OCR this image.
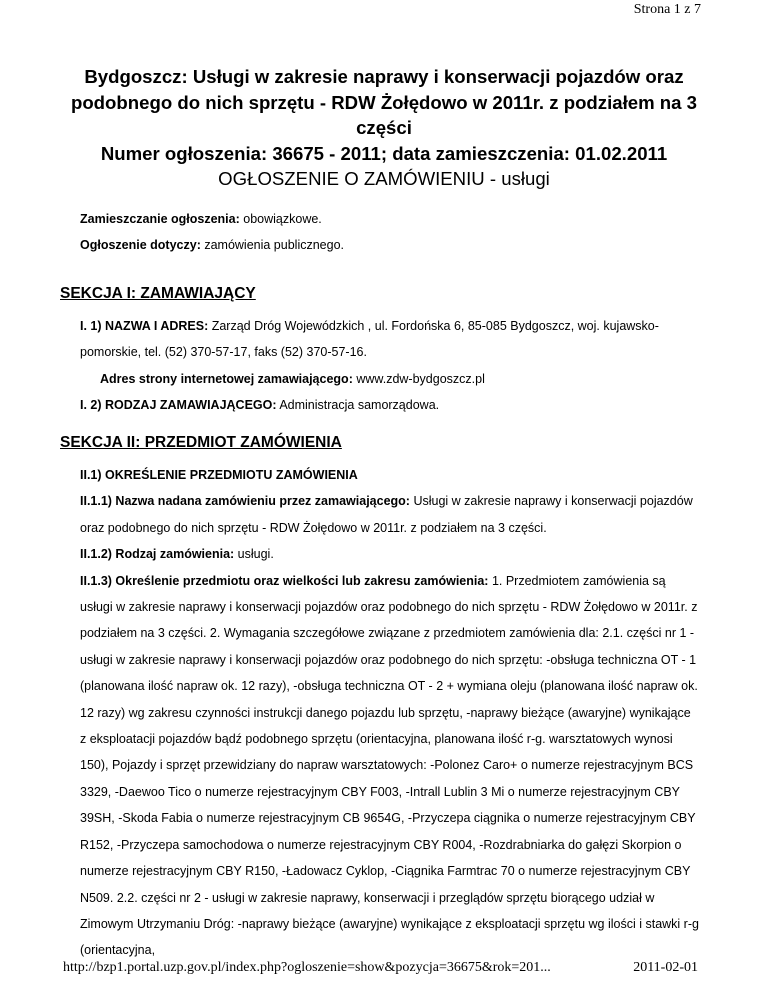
Strona 1 z 7
Bydgoszcz: Usługi w zakresie naprawy i konserwacji pojazdów oraz
podobnego do nich sprzętu - RDW Żołędowo w 2011r. z podziałem na 3
części
Numer ogłoszenia: 36675 - 2011; data zamieszczenia: 01.02.2011
OGŁOSZENIE O ZAMÓWIENIU - usługi
Zamieszczanie ogłoszenia: obowiązkowe.
Ogłoszenie dotyczy: zamówienia publicznego.
SEKCJA I: ZAMAWIAJĄCY
I. 1) NAZWA I ADRES: Zarząd Dróg Wojewódzkich , ul. Fordońska 6, 85-085 Bydgoszcz, woj. kujawsko-pomorskie, tel. (52) 370-57-17, faks (52) 370-57-16.
Adres strony internetowej zamawiającego: www.zdw-bydgoszcz.pl
I. 2) RODZAJ ZAMAWIAJĄCEGO: Administracja samorządowa.
SEKCJA II: PRZEDMIOT ZAMÓWIENIA
II.1) OKREŚLENIE PRZEDMIOTU ZAMÓWIENIA
II.1.1) Nazwa nadana zamówieniu przez zamawiającego: Usługi w zakresie naprawy i konserwacji pojazdów oraz podobnego do nich sprzętu - RDW Żołędowo w 2011r. z podziałem na 3 części.
II.1.2) Rodzaj zamówienia: usługi.
II.1.3) Określenie przedmiotu oraz wielkości lub zakresu zamówienia: 1. Przedmiotem zamówienia są usługi w zakresie naprawy i konserwacji pojazdów oraz podobnego do nich sprzętu - RDW Żołędowo w 2011r. z podziałem na 3 części. 2. Wymagania szczegółowe związane z przedmiotem zamówienia dla: 2.1. części nr 1 - usługi w zakresie naprawy i konserwacji pojazdów oraz podobnego do nich sprzętu: -obsługa techniczna OT - 1 (planowana ilość napraw ok. 12 razy), -obsługa techniczna OT - 2 + wymiana oleju (planowana ilość napraw ok. 12 razy) wg zakresu czynności instrukcji danego pojazdu lub sprzętu, -naprawy bieżące (awaryjne) wynikające z eksploatacji pojazdów bądź podobnego sprzętu (orientacyjna, planowana ilość r-g. warsztatowych wynosi 150), Pojazdy i sprzęt przewidziany do napraw warsztatowych: -Polonez Caro+ o numerze rejestracyjnym BCS 3329, -Daewoo Tico o numerze rejestracyjnym CBY F003, -Intrall Lublin 3 Mi o numerze rejestracyjnym CBY 39SH, -Skoda Fabia o numerze rejestracyjnym CB 9654G, -Przyczepa ciągnika o numerze rejestracyjnym CBY R152, -Przyczepa samochodowa o numerze rejestracyjnym CBY R004, -Rozdrabniarka do gałęzi Skorpion o numerze rejestracyjnym CBY R150, -Ładowacz Cyklop, -Ciągnika Farmtrac 70 o numerze rejestracyjnym CBY N509. 2.2. części nr 2 - usługi w zakresie naprawy, konserwacji i przeglądów sprzętu biorącego udział w Zimowym Utrzymaniu Dróg: -naprawy bieżące (awaryjne) wynikające z eksploatacji sprzętu wg ilości i stawki r-g (orientacyjna,
http://bzp1.portal.uzp.gov.pl/index.php?ogloszenie=show&pozycja=36675&rok=201...	2011-02-01
